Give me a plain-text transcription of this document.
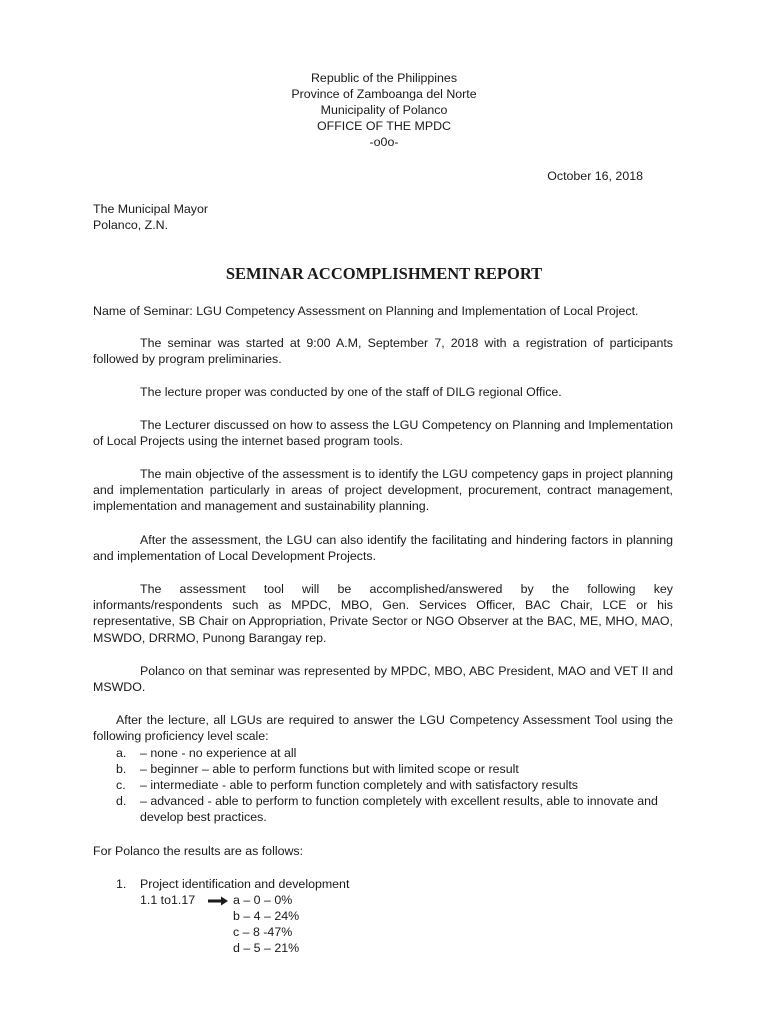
Republic of the Philippines
Province of Zamboanga del Norte
Municipality of Polanco
OFFICE OF THE MPDC
-o0o-
October 16, 2018
The Municipal Mayor
Polanco, Z.N.
SEMINAR ACCOMPLISHMENT REPORT
Name of Seminar: LGU Competency Assessment on Planning and Implementation of Local Project.
The seminar was started at 9:00 A.M, September 7, 2018 with a registration of participants followed by program preliminaries.
The lecture proper was conducted by one of the staff of DILG regional Office.
The Lecturer discussed on how to assess the LGU Competency on Planning and Implementation of Local Projects using the internet based program tools.
The main objective of the assessment is to identify the LGU competency gaps in project planning and implementation particularly in areas of project development, procurement, contract management, implementation and management and sustainability planning.
After the assessment, the LGU can also identify the facilitating and hindering factors in planning and implementation of Local Development Projects.
The assessment tool will be accomplished/answered by the following key informants/respondents such as MPDC, MBO, Gen. Services Officer, BAC Chair, LCE or his representative, SB Chair on Appropriation, Private Sector or NGO Observer at the BAC, ME, MHO, MAO, MSWDO, DRRMO, Punong Barangay rep.
Polanco on that seminar was represented by MPDC, MBO, ABC President, MAO and VET II and MSWDO.
After the lecture, all LGUs are required to answer the LGU Competency Assessment Tool using the following proficiency level scale:
a.	– none - no experience at all
b.	– beginner – able to perform functions but with limited scope or result
c.	– intermediate - able to perform function completely and with satisfactory results
d.	– advanced - able to perform to function completely with excellent results, able to innovate and develop best practices.
For Polanco the results are as follows:
1. Project identification and development
1.1 to1.17	a – 0 – 0%
b – 4 – 24%
c – 8 -47%
d – 5 – 21%
